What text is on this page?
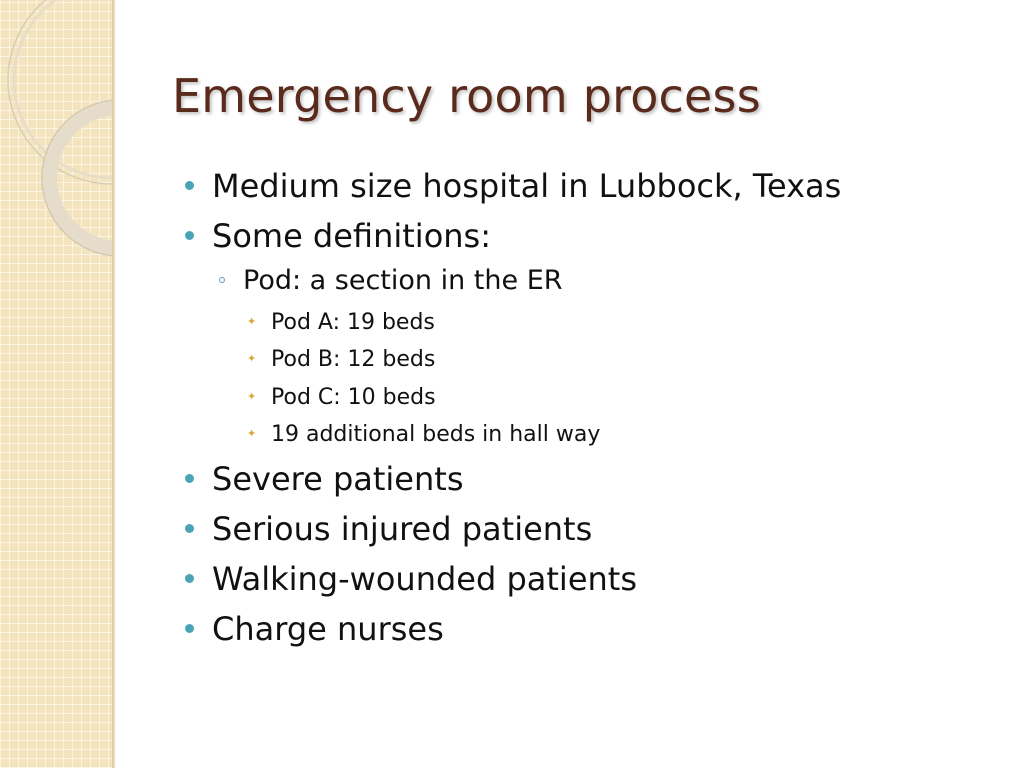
Emergency room process
Medium size hospital in Lubbock, Texas
Some definitions:
Pod: a section in the ER
✦ Pod A: 19 beds
✦ Pod B: 12 beds
✦ Pod C: 10 beds
✦ 19 additional beds in hall way
Severe patients
Serious injured patients
Walking-wounded patients
Charge nurses
